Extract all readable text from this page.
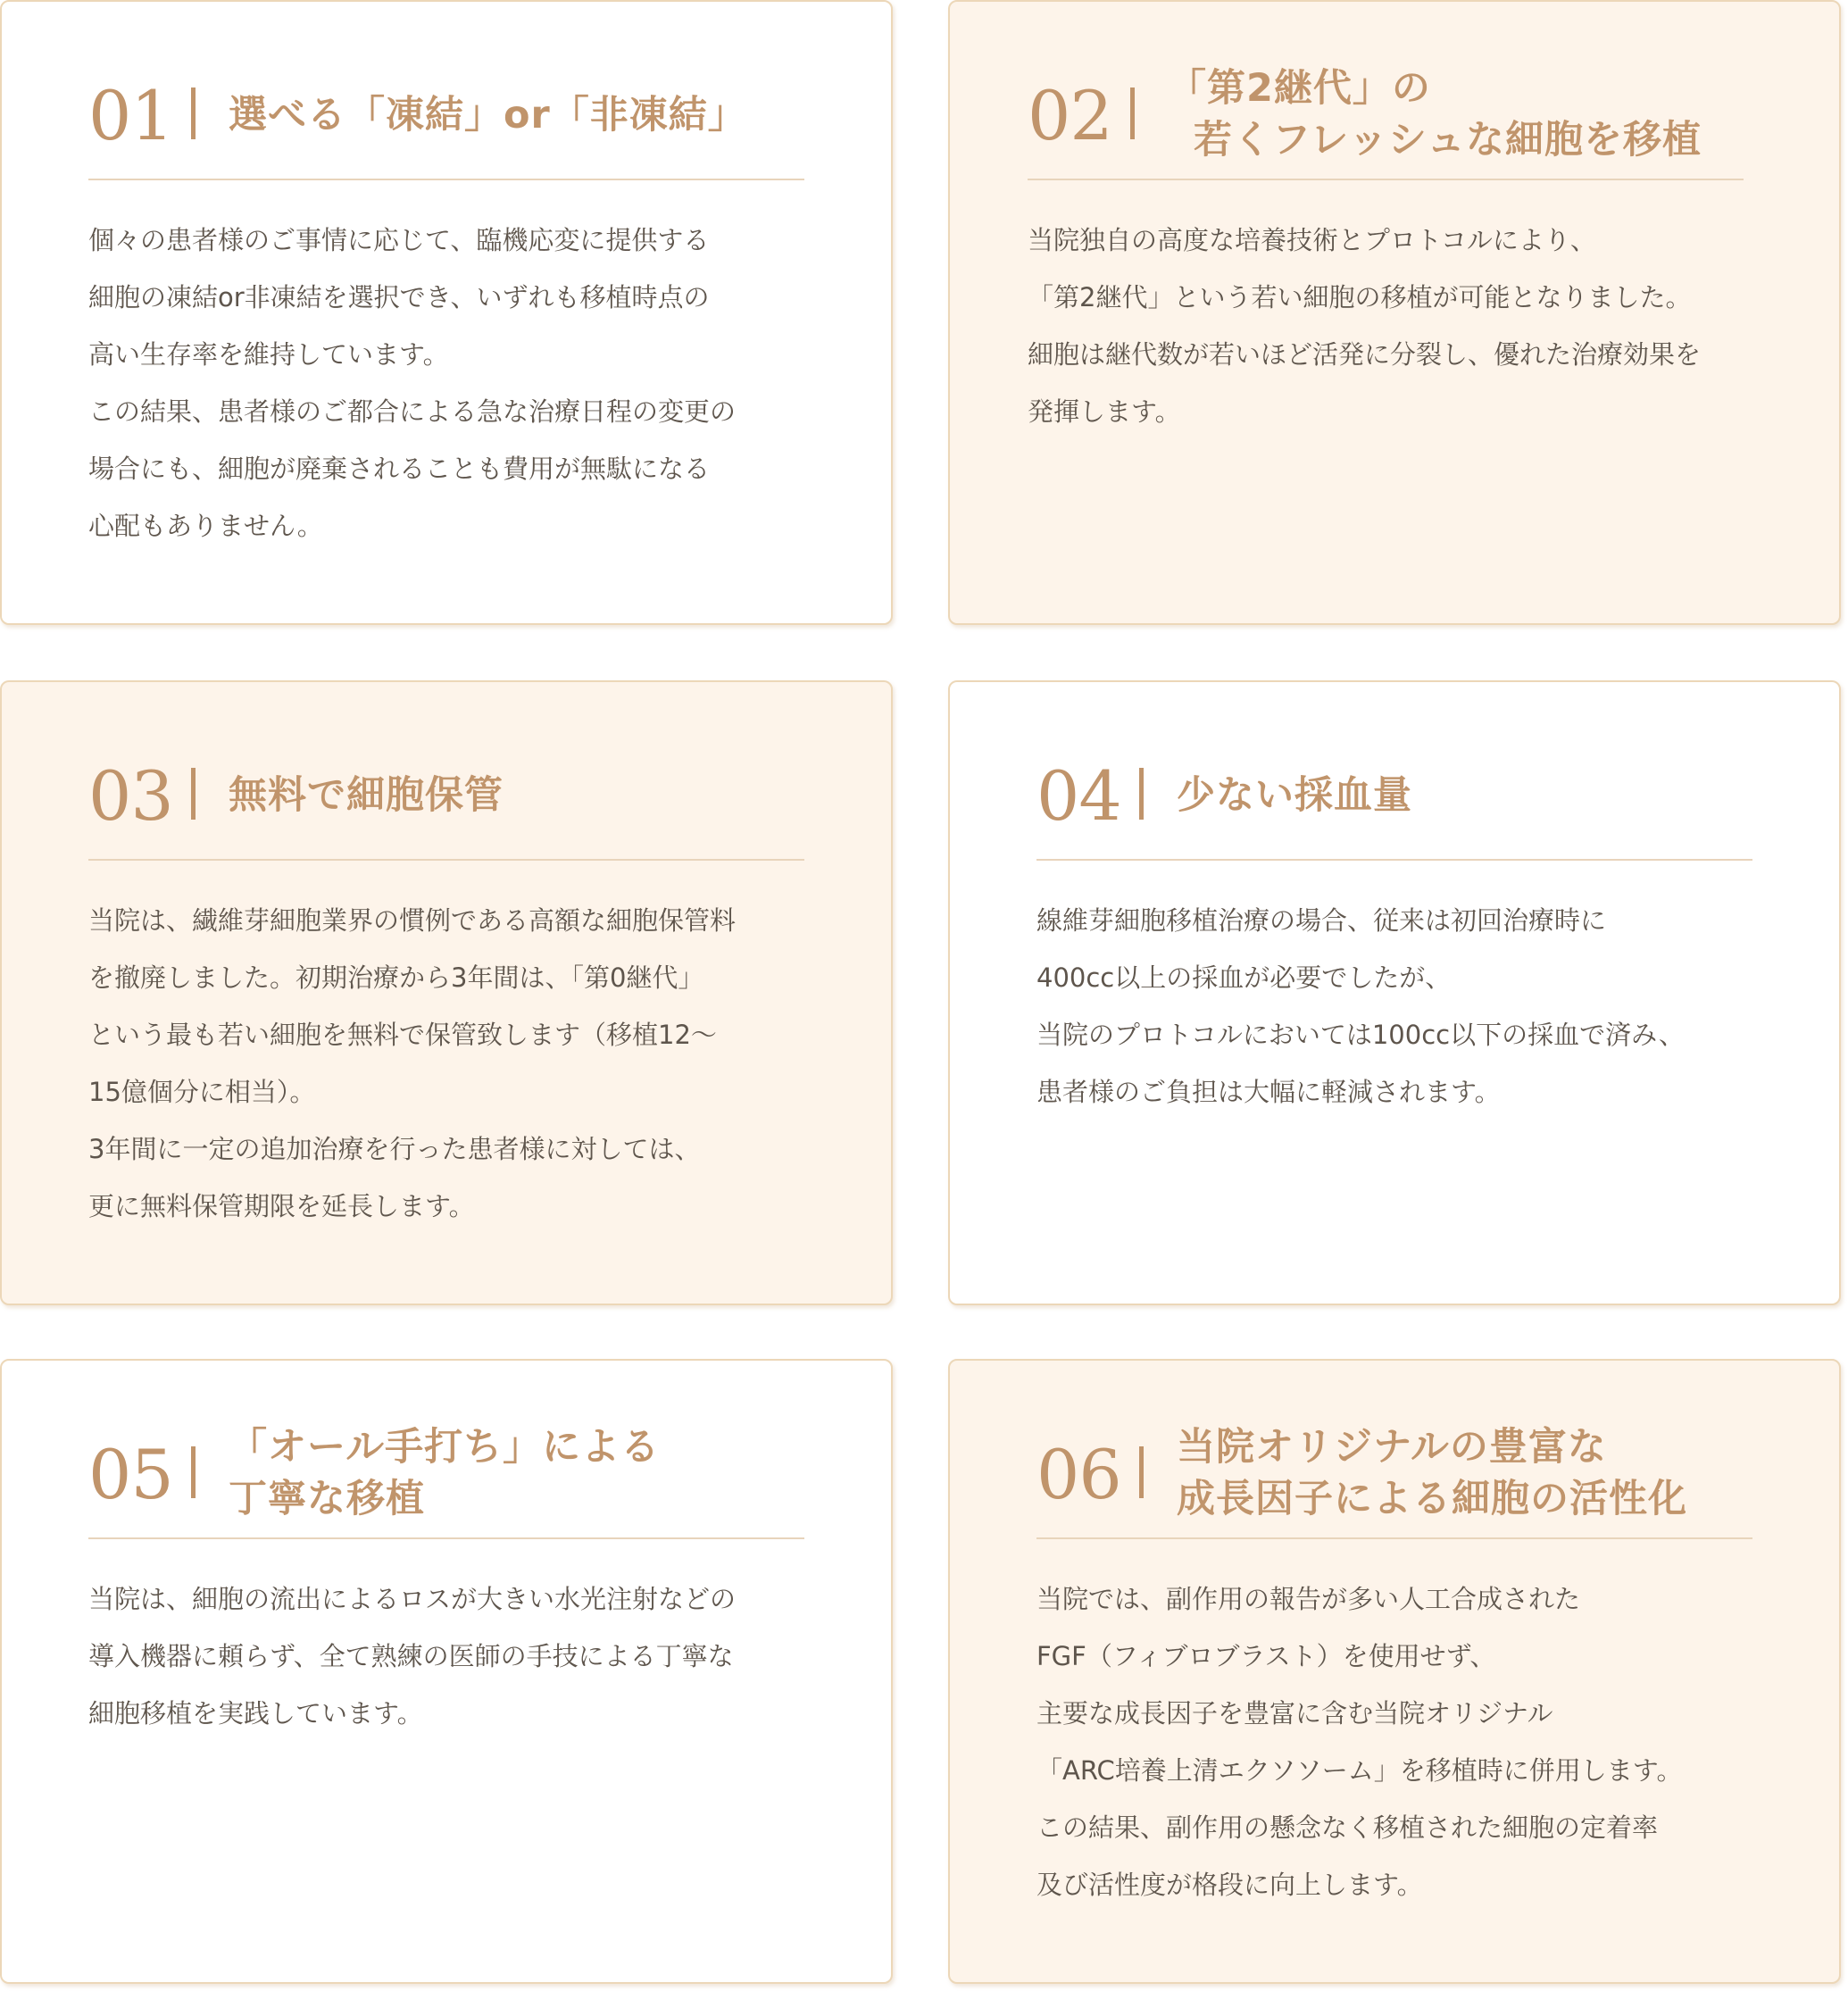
01 選べる「凍結」or「非凍結」
個々の患者様のご事情に応じて、臨機応変に提供する
細胞の凍結or非凍結を選択でき、いずれも移植時点の
高い生存率を維持しています。
この結果、患者様のご都合による急な治療日程の変更の
場合にも、細胞が廃棄されることも費用が無駄になる
心配もありません。
02 「第2継代」の
若くフレッシュな細胞を移植
当院独自の高度な培養技術とプロトコルにより、
「第2継代」という若い細胞の移植が可能となりました。
細胞は継代数が若いほど活発に分裂し、優れた治療効果を
発揮します。
03 無料で細胞保管
当院は、繊維芽細胞業界の慣例である高額な細胞保管料
を撤廃しました。初期治療から3年間は、「第0継代」
という最も若い細胞を無料で保管致します（移植12〜
15億個分に相当）。
3年間に一定の追加治療を行った患者様に対しては、
更に無料保管期限を延長します。
04 少ない採血量
線維芽細胞移植治療の場合、従来は初回治療時に
400cc以上の採血が必要でしたが、
当院のプロトコルにおいては100cc以下の採血で済み、
患者様のご負担は大幅に軽減されます。
05 「オール手打ち」による
丁寧な移植
当院は、細胞の流出によるロスが大きい水光注射などの
導入機器に頼らず、全て熟練の医師の手技による丁寧な
細胞移植を実践しています。
06 当院オリジナルの豊富な
成長因子による細胞の活性化
当院では、副作用の報告が多い人工合成された
FGF（フィブロブラスト）を使用せず、
主要な成長因子を豊富に含む当院オリジナル
「ARC培養上清エクソソーム」を移植時に併用します。
この結果、副作用の懸念なく移植された細胞の定着率
及び活性度が格段に向上します。
